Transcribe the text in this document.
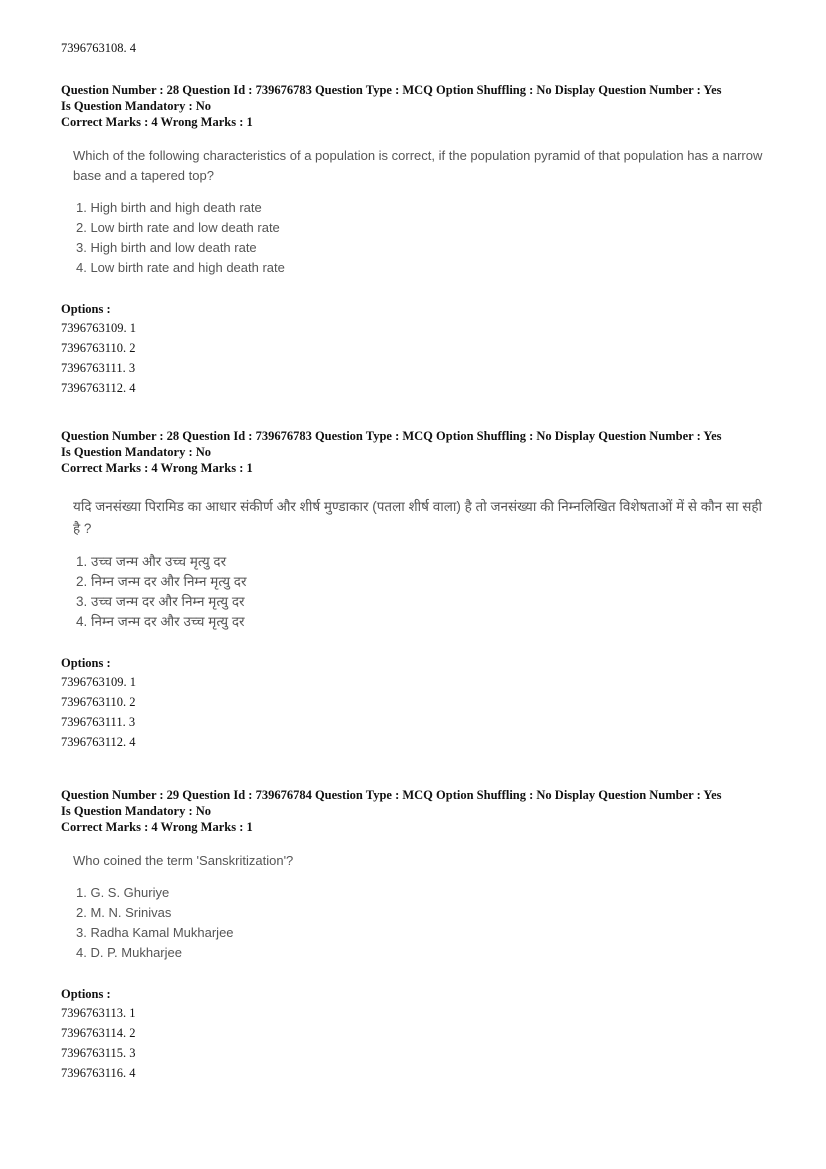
7396763108. 4
Question Number : 28 Question Id : 739676783 Question Type : MCQ Option Shuffling : No Display Question Number : Yes
Is Question Mandatory : No
Correct Marks : 4 Wrong Marks : 1

Which of the following characteristics of a population is correct, if the population pyramid of that population has a narrow base and a tapered top?

1. High birth and high death rate
2. Low birth rate and low death rate
3. High birth and low death rate
4. Low birth rate and high death rate
Options :
7396763109. 1
7396763110. 2
7396763111. 3
7396763112. 4
Question Number : 28 Question Id : 739676783 Question Type : MCQ Option Shuffling : No Display Question Number : Yes
Is Question Mandatory : No
Correct Marks : 4 Wrong Marks : 1

यदि जनसंख्या पिरामिड का आधार संकीर्ण और शीर्ष मुण्डाकार (पतला शीर्ष वाला) है तो जनसंख्या की निम्नलिखित विशेषताओं में से कौन सा सही है ?

1. उच्च जन्म और उच्च मृत्यु दर
2. निम्न जन्म दर और निम्न मृत्यु दर
3. उच्च जन्म दर और निम्न मृत्यु दर
4. निम्न जन्म दर और उच्च मृत्यु दर
Options :
7396763109. 1
7396763110. 2
7396763111. 3
7396763112. 4
Question Number : 29 Question Id : 739676784 Question Type : MCQ Option Shuffling : No Display Question Number : Yes
Is Question Mandatory : No
Correct Marks : 4 Wrong Marks : 1

Who coined the term 'Sanskritization'?

1. G. S. Ghuriye
2. M. N. Srinivas
3. Radha Kamal Mukharjee
4. D. P. Mukharjee
Options :
7396763113. 1
7396763114. 2
7396763115. 3
7396763116. 4
